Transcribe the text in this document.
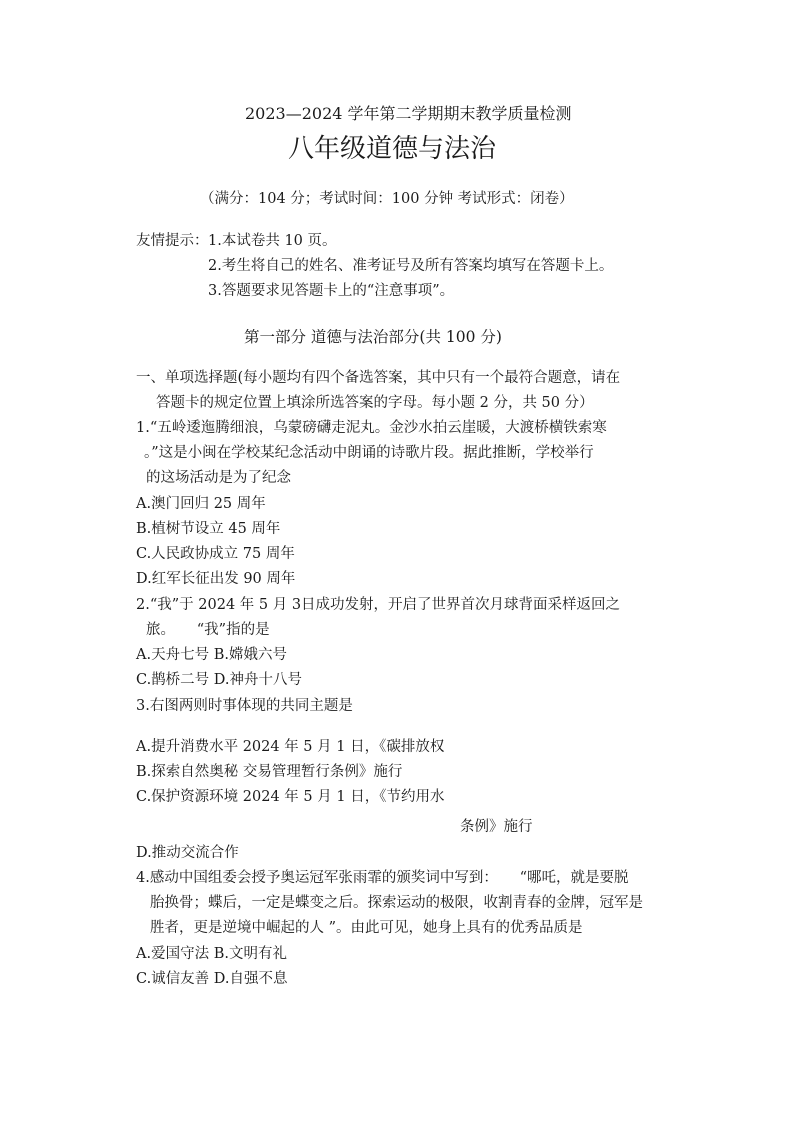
2023—2024 学年第二学期期末教学质量检测
八年级道德与法治
（满分：104 分；考试时间：100 分钟 考试形式：闭卷）
友情提示： 1.本试卷共 10 页。
2.考生将自己的姓名、准考证号及所有答案均填写在答题卡上。
3.答题要求见答题卡上的“注意事项”。
第一部分 道德与法治部分(共 100 分)
一、单项选择题(每小题均有四个备选答案，其中只有一个最符合题意，请在
答题卡的规定位置上填涂所选答案的字母。每小题 2 分，共 50 分）
1.“五岭逶迤腾细浪，乌蒙磅礴走泥丸。金沙水拍云崖暖，大渡桥横铁索寒
。”这是小闽在学校某纪念活动中朗诵的诗歌片段。据此推断，学校举行
的这场活动是为了纪念
A.澳门回归 25 周年
B.植树节设立 45 周年
C.人民政协成立 75 周年
D.红军长征出发 90 周年
2.“我”于 2024 年 5 月 3日成功发射，开启了世界首次月球背面采样返回之
旅。　　“我”指的是
A.天舟七号 B.嫦娥六号
C.鹊桥二号 D.神舟十八号
3.右图两则时事体现的共同主题是
A.提升消费水平 2024 年 5 月 1 日，《碳排放权
B.探索自然奥秘 交易管理暂行条例》施行
C.保护资源环境 2024 年 5 月 1 日，《节约用水
条例》施行
D.推动交流合作
4.感动中国组委会授予奥运冠军张雨霏的颁奖词中写到：　　“哪吒，就是要脱
胎换骨；蝶后，一定是蝶变之后。探索运动的极限，收割青春的金牌，冠军是
胜者，更是逆境中崛起的人 ”。由此可见，她身上具有的优秀品质是
A.爱国守法 B.文明有礼
C.诚信友善 D.自强不息
